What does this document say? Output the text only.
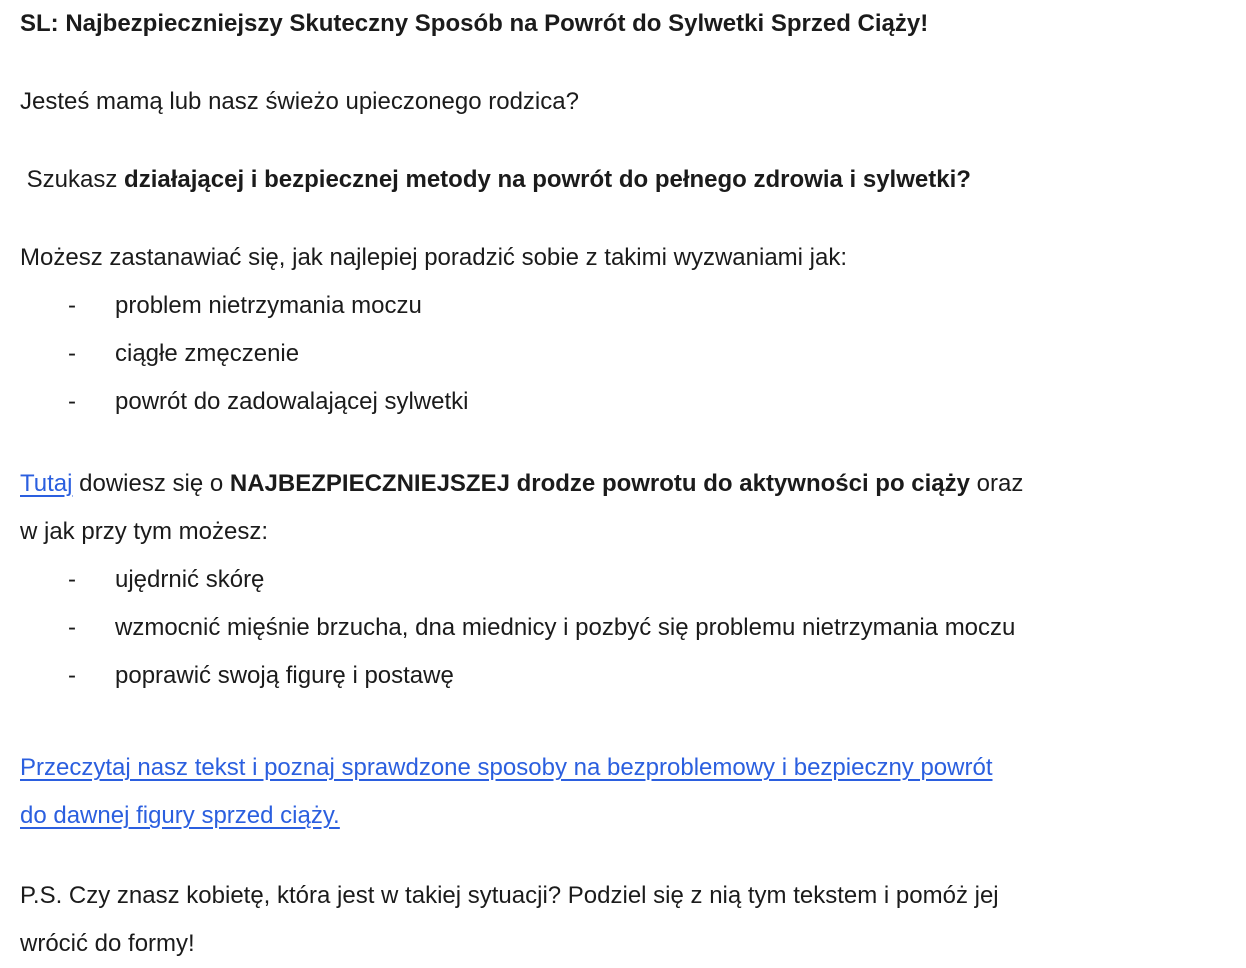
SL: Najbezpieczniejszy Skuteczny Sposób na Powrót do Sylwetki Sprzed Ciąży!
Jesteś mamą lub nasz świeżo upieczonego rodzica?
Szukasz działającej i bezpiecznej metody na powrót do pełnego zdrowia i sylwetki?
Możesz zastanawiać się, jak najlepiej poradzić sobie z takimi wyzwaniami jak:
-	problem nietrzymania moczu
-	ciągłe zmęczenie
-	powrót do zadowalającej sylwetki
Tutaj dowiesz się o NAJBEZPIECZNIEJSZEJ drodze powrotu do aktywności po ciąży oraz
w jak przy tym możesz:
-	ujędrnić skórę
-	wzmocnić mięśnie brzucha, dna miednicy i pozbyć się problemu nietrzymania moczu
-	poprawić swoją figurę i postawę
Przeczytaj nasz tekst i poznaj sprawdzone sposoby na bezproblemowy i bezpieczny powrót
do dawnej figury sprzed ciąży.
P.S. Czy znasz kobietę, która jest w takiej sytuacji? Podziel się z nią tym tekstem i pomóż jej
wrócić do formy!
